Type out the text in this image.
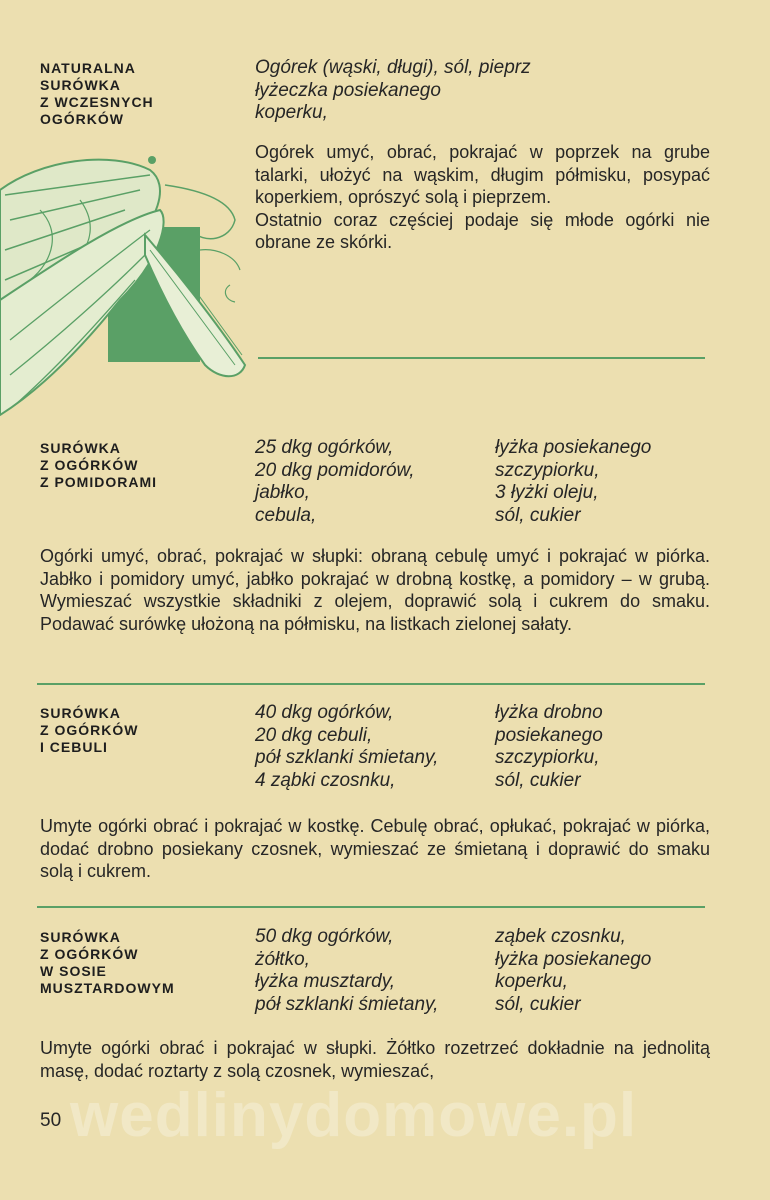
NATURALNA
SURÓWKA
Z WCZESNYCH
OGÓRKÓW
Ogórek (wąski, długi), sól, pieprz
łyżeczka posiekanego
koperku,

Ogórek umyć, obrać, pokrajać w poprzek na grube talarki, ułożyć na wąskim, długim półmisku, posypać koperkiem, oprószyć solą i pieprzem.

Ostatnio coraz częściej podaje się młode ogórki nie obrane ze skórki.

SURÓWKA
Z OGÓRKÓW
Z POMIDORAMI
25 dkg ogórków,
20 dkg pomidorów,
jabłko,
cebula,
łyżka posiekanego
szczypiorku,
3 łyżki oleju,
sól, cukier

Ogórki umyć, obrać, pokrajać w słupki: obraną cebulę umyć i pokrajać w piórka. Jabłko i pomidory umyć, jabłko pokrajać w drobną kostkę, a pomidory – w grubą. Wymieszać wszystkie składniki z olejem, doprawić solą i cukrem do smaku. Podawać surówkę ułożoną na półmisku, na listkach zielonej sałaty.

SURÓWKA
Z OGÓRKÓW
I CEBULI
40 dkg ogórków,
20 dkg cebuli,
pół szklanki śmietany,
4 ząbki czosnku,
łyżka drobno
posiekanego
szczypiorku,
sól, cukier

Umyte ogórki obrać i pokrajać w kostkę. Cebulę obrać, opłukać, pokrajać w piórka, dodać drobno posiekany czosnek, wymieszać ze śmietaną i doprawić do smaku solą i cukrem.

SURÓWKA
Z OGÓRKÓW
W SOSIE
MUSZTARDOWYM
50 dkg ogórków,
żółtko,
łyżka musztardy,
pół szklanki śmietany,
ząbek czosnku,
łyżka posiekanego
koperku,
sól, cukier

Umyte ogórki obrać i pokrajać w słupki. Żółtko rozetrzeć dokładnie na jednolitą masę, dodać roztarty z solą czosnek, wymieszać,

wedlinydomowe.pl
50
